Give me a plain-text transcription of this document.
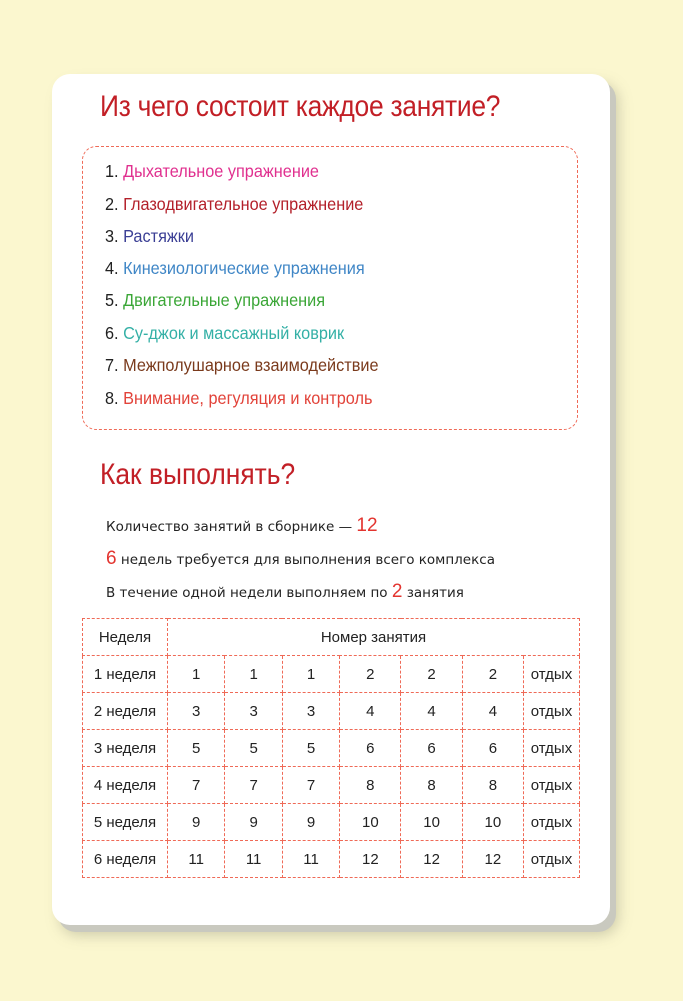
Из чего состоит каждое занятие?
1. Дыхательное упражнение
2. Глазодвигательное упражнение
3. Растяжки
4. Кинезиологические упражнения
5. Двигательные упражнения
6. Су-джок и массажный коврик
7. Межполушарное взаимодействие
8. Внимание, регуляция и контроль
Как выполнять?
Количество занятий в сборнике — 12
6 недель требуется для выполнения всего комплекса
В течение одной недели выполняем по 2 занятия
Неделя	Номер занятия						
1 неделя	1	1	1	2	2	2	отдых
2 неделя	3	3	3	4	4	4	отдых
3 неделя	5	5	5	6	6	6	отдых
4 неделя	7	7	7	8	8	8	отдых
5 неделя	9	9	9	10	10	10	отдых
6 неделя	11	11	11	12	12	12	отдых
